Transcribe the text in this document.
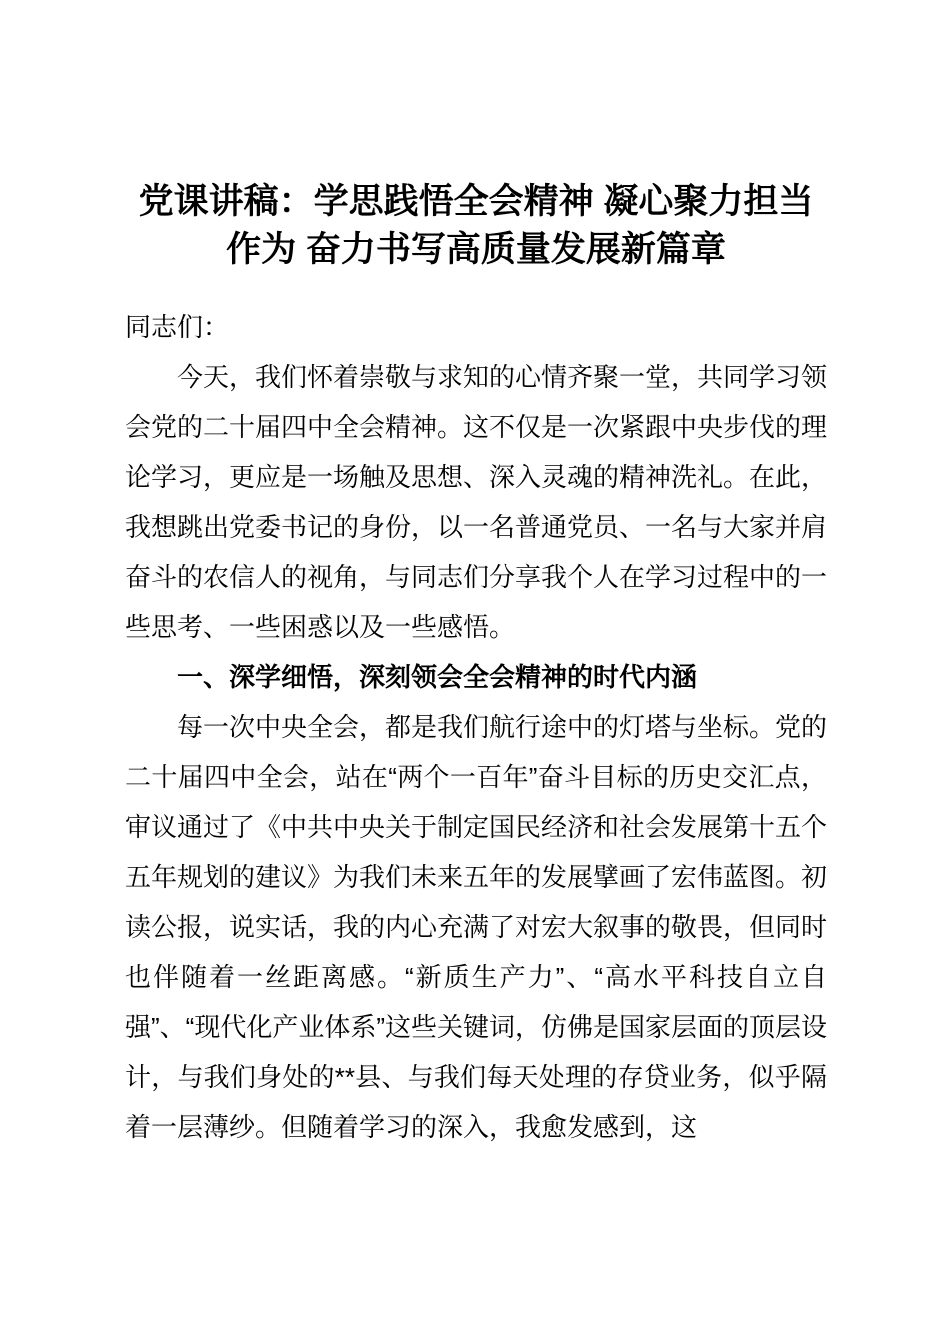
党课讲稿：学思践悟全会精神 凝心聚力担当作为 奋力书写高质量发展新篇章

同志们：

今天，我们怀着崇敬与求知的心情齐聚一堂，共同学习领会党的二十届四中全会精神。这不仅是一次紧跟中央步伐的理论学习，更应是一场触及思想、深入灵魂的精神洗礼。在此，我想跳出党委书记的身份，以一名普通党员、一名与大家并肩奋斗的农信人的视角，与同志们分享我个人在学习过程中的一些思考、一些困惑以及一些感悟。

一、深学细悟，深刻领会全会精神的时代内涵

每一次中央全会，都是我们航行途中的灯塔与坐标。党的二十届四中全会，站在“两个一百年”奋斗目标的历史交汇点，审议通过了《中共中央关于制定国民经济和社会发展第十五个五年规划的建议》为我们未来五年的发展擘画了宏伟蓝图。初读公报，说实话，我的内心充满了对宏大叙事的敬畏，但同时也伴随着一丝距离感。“新质生产力”、“高水平科技自立自强”、“现代化产业体系”这些关键词，仿佛是国家层面的顶层设计，与我们身处的**县、与我们每天处理的存贷业务，似乎隔着一层薄纱。但随着学习的深入，我愈发感到，这
